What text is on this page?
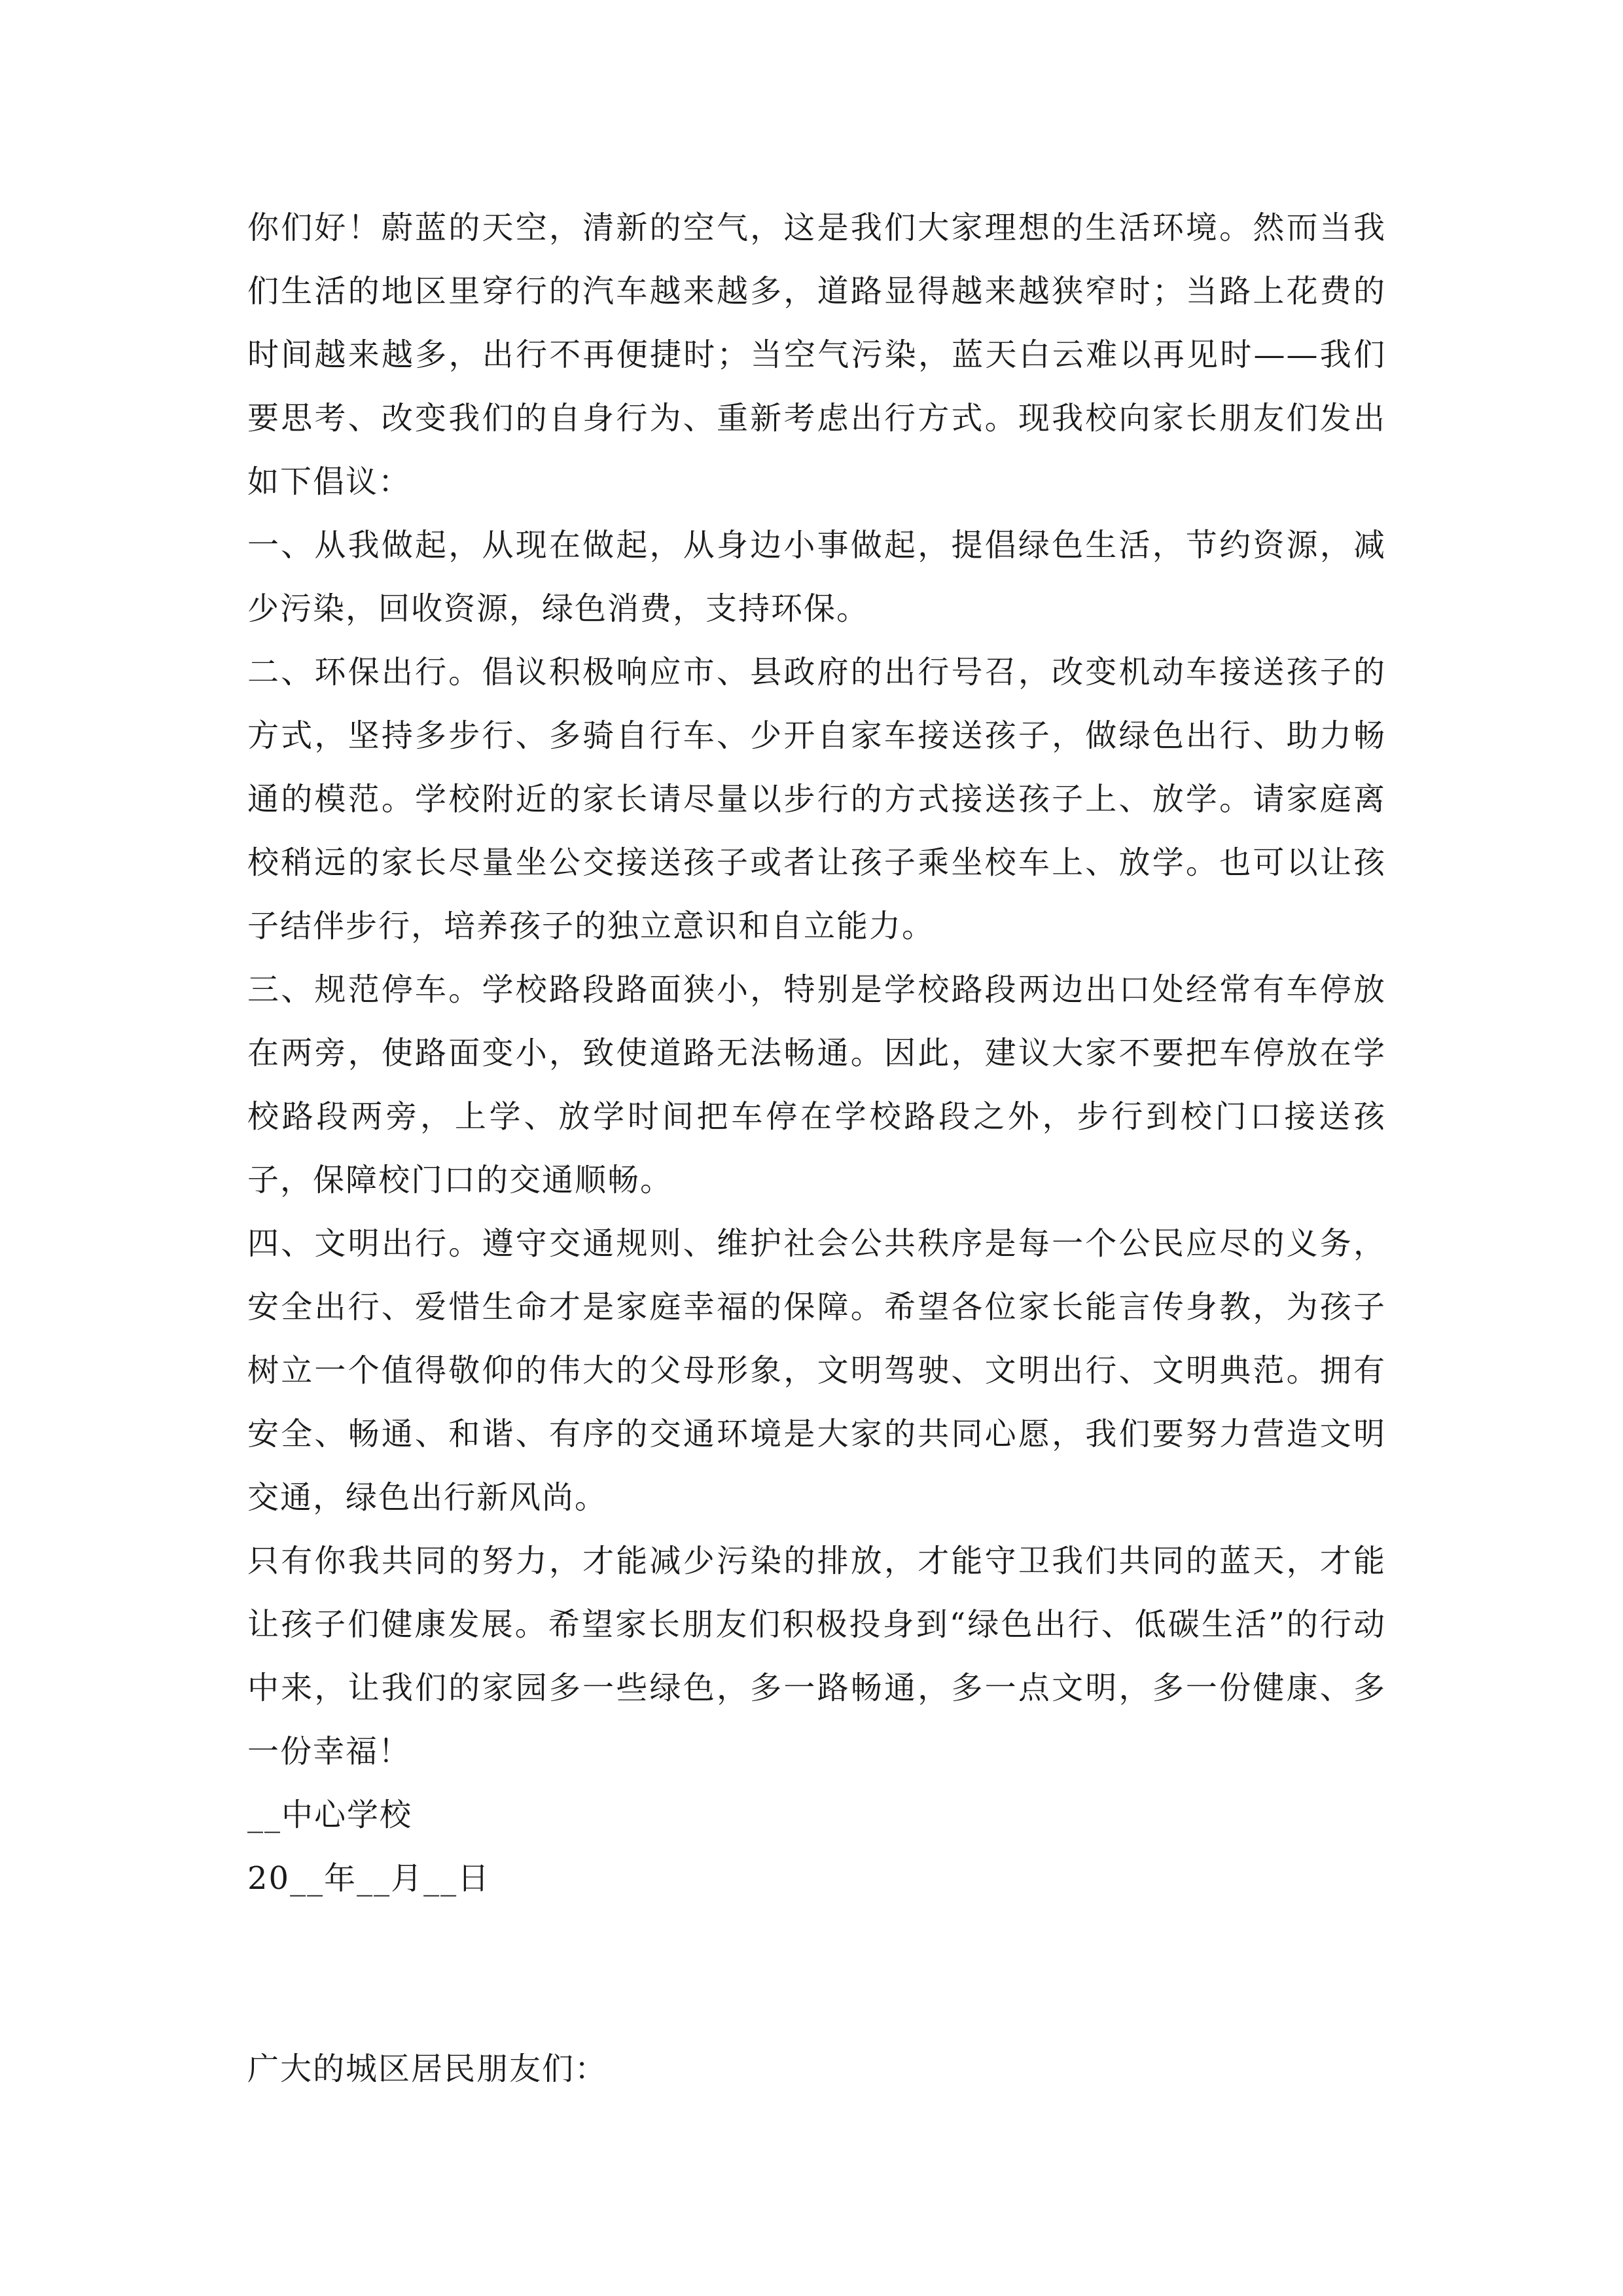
你们好！蔚蓝的天空，清新的空气，这是我们大家理想的生活环境。然而当我们生活的地区里穿行的汽车越来越多，道路显得越来越狭窄时；当路上花费的时间越来越多，出行不再便捷时；当空气污染，蓝天白云难以再见时——我们要思考、改变我们的自身行为、重新考虑出行方式。现我校向家长朋友们发出如下倡议：

一、从我做起，从现在做起，从身边小事做起，提倡绿色生活，节约资源，减少污染，回收资源，绿色消费，支持环保。

二、环保出行。倡议积极响应市、县政府的出行号召，改变机动车接送孩子的方式，坚持多步行、多骑自行车、少开自家车接送孩子，做绿色出行、助力畅通的模范。学校附近的家长请尽量以步行的方式接送孩子上、放学。请家庭离校稍远的家长尽量坐公交接送孩子或者让孩子乘坐校车上、放学。也可以让孩子结伴步行，培养孩子的独立意识和自立能力。

三、规范停车。学校路段路面狭小，特别是学校路段两边出口处经常有车停放在两旁，使路面变小，致使道路无法畅通。因此，建议大家不要把车停放在学校路段两旁，上学、放学时间把车停在学校路段之外，步行到校门口接送孩子，保障校门口的交通顺畅。

四、文明出行。遵守交通规则、维护社会公共秩序是每一个公民应尽的义务，安全出行、爱惜生命才是家庭幸福的保障。希望各位家长能言传身教，为孩子树立一个值得敬仰的伟大的父母形象，文明驾驶、文明出行、文明典范。拥有安全、畅通、和谐、有序的交通环境是大家的共同心愿，我们要努力营造文明交通，绿色出行新风尚。

只有你我共同的努力，才能减少污染的排放，才能守卫我们共同的蓝天，才能让孩子们健康发展。希望家长朋友们积极投身到“绿色出行、低碳生活”的行动中来，让我们的家园多一些绿色，多一路畅通，多一点文明，多一份健康、多一份幸福！

__中心学校

20__年__月__日

广大的城区居民朋友们：
